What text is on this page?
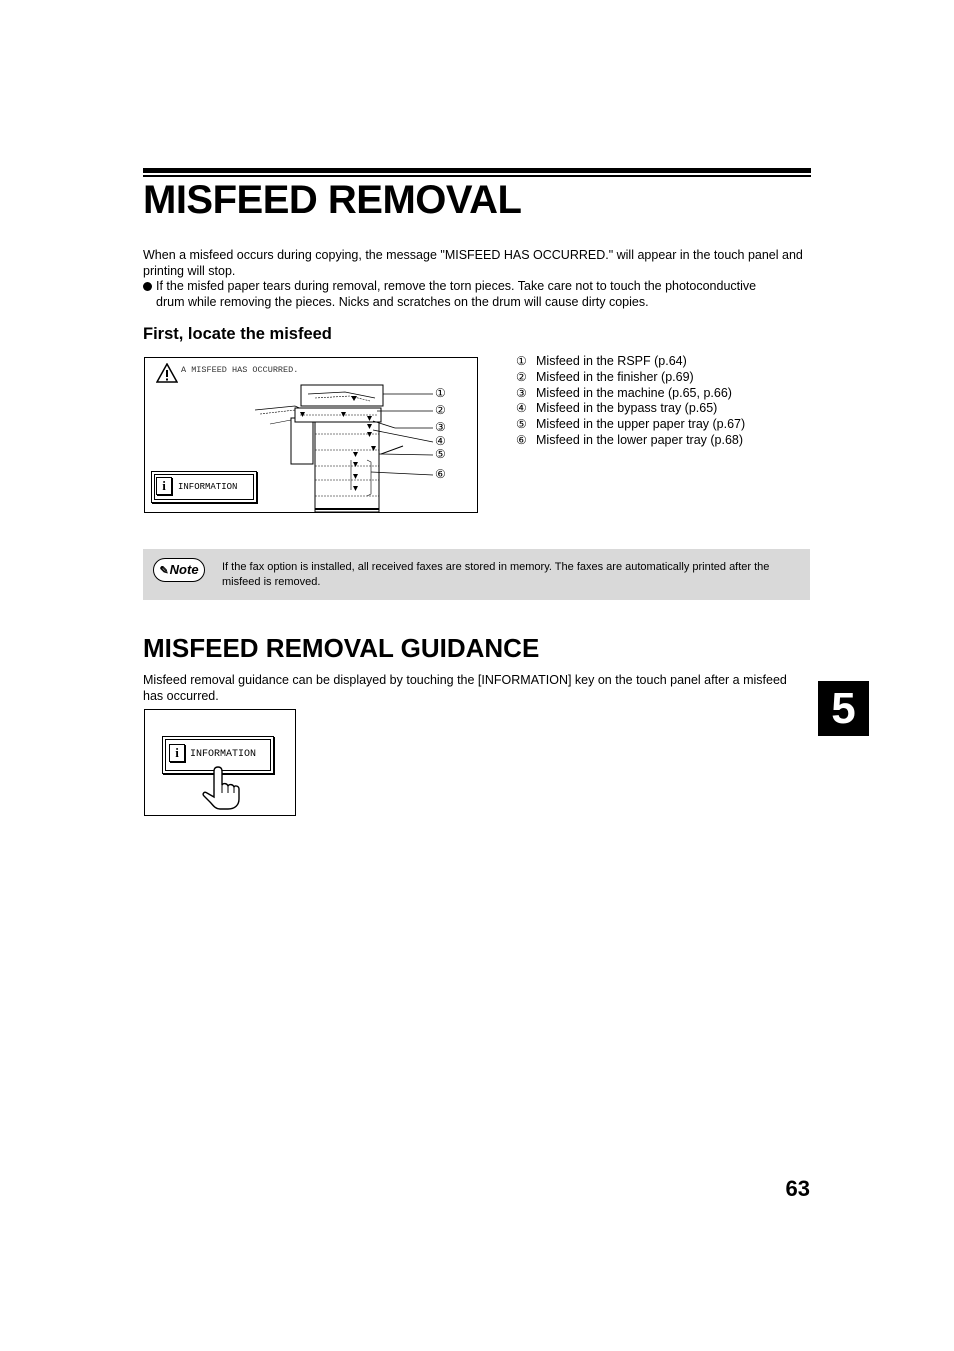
MISFEED REMOVAL

When a misfeed occurs during copying, the message "MISFEED HAS OCCURRED." will appear in the touch panel and printing will stop.

If the misfed paper tears during removal, remove the torn pieces. Take care not to touch the photoconductive
drum while removing the pieces. Nicks and scratches on the drum will cause dirty copies.

First, locate the misfeed
A MISFEED HAS OCCURRED.
①
②
③
④
⑤
⑥
i	INFORMATION
① Misfeed in the RSPF (p.64)
② Misfeed in the finisher (p.69)
③ Misfeed in the machine (p.65, p.66)
④ Misfeed in the bypass tray (p.65)
⑤ Misfeed in the upper paper tray (p.67)
⑥ Misfeed in the lower paper tray (p.68)
✎Note	If the fax option is installed, all received faxes are stored in memory. The faxes are automatically printed after the misfeed is removed.
MISFEED REMOVAL GUIDANCE

Misfeed removal guidance can be displayed by touching the [INFORMATION] key on the touch panel after a misfeed has occurred.

i	INFORMATION
5
63
